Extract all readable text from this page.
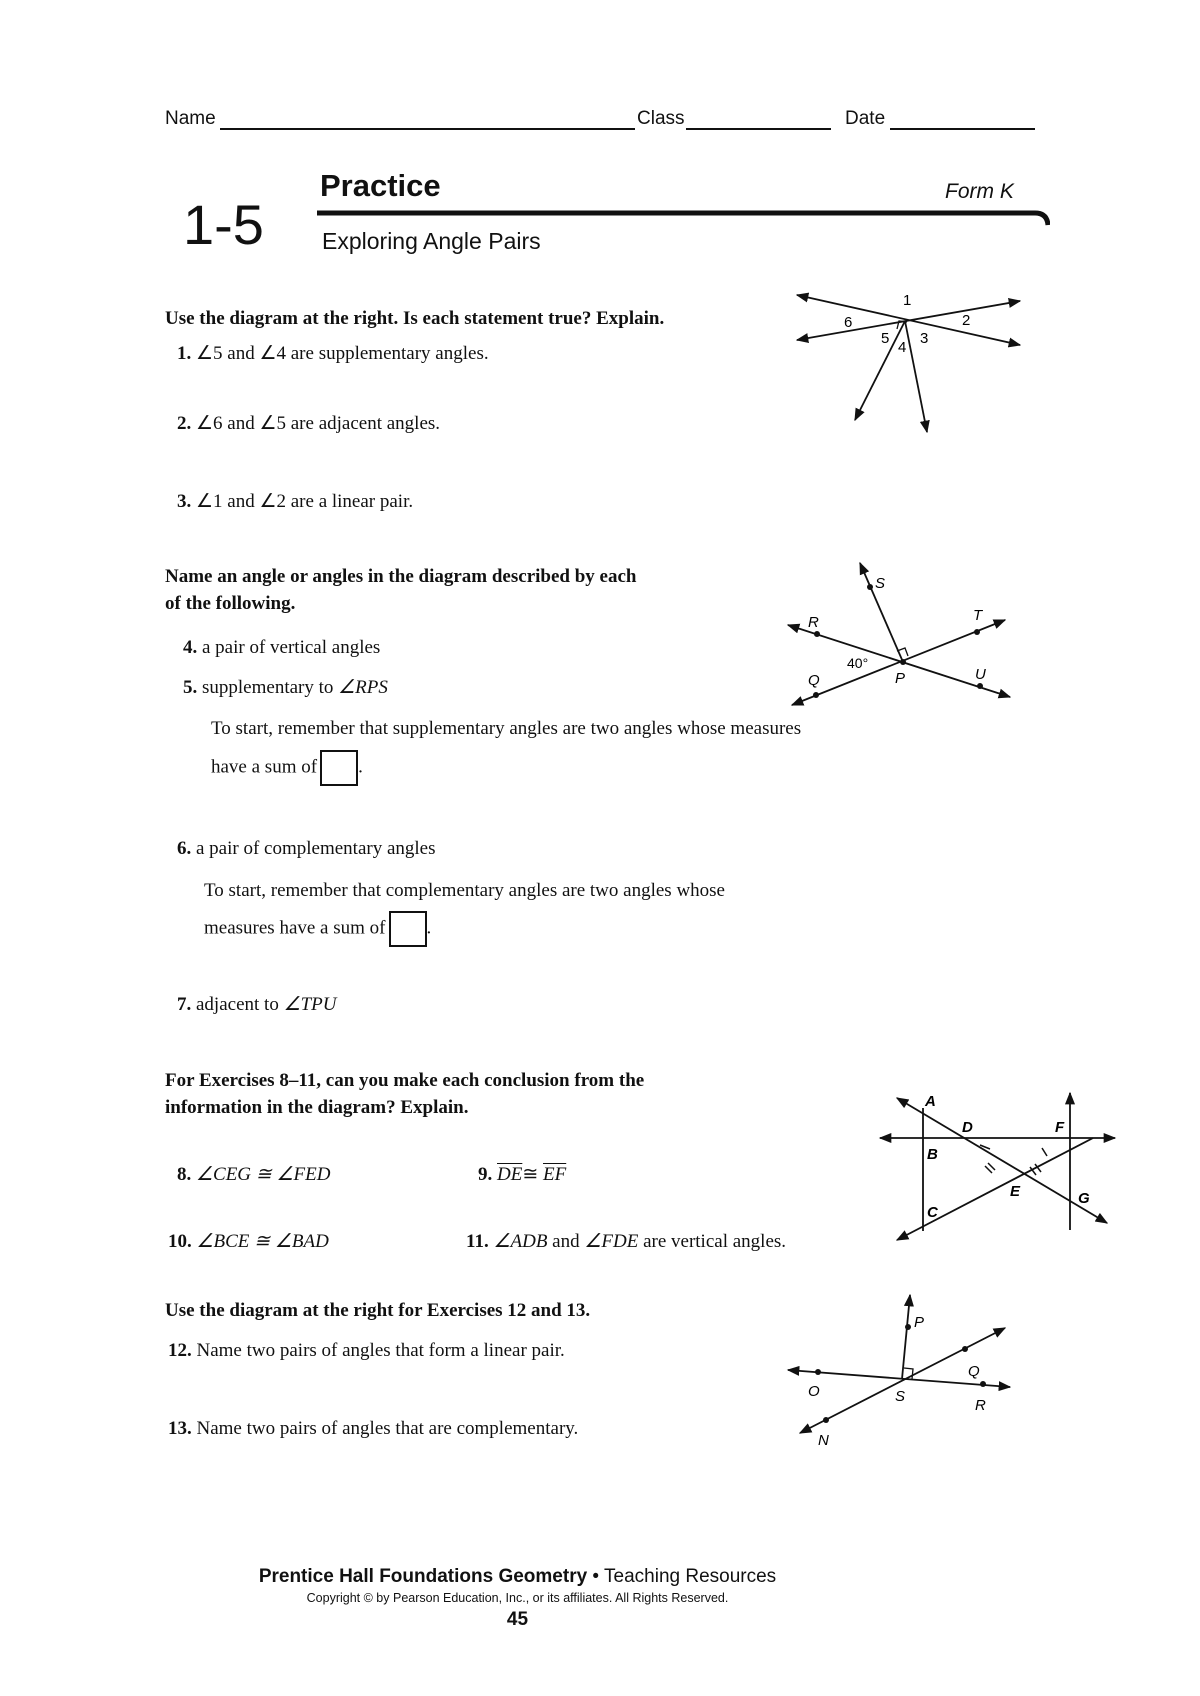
Name	Class	Date
1-5
Practice	Form K
Exploring Angle Pairs
Use the diagram at the right. Is each statement true? Explain.
1. ∠5 and ∠4 are supplementary angles.
2. ∠6 and ∠5 are adjacent angles.
3. ∠1 and ∠2 are a linear pair.
1
2
3
4
5
6
Name an angle or angles in the diagram described by each
of the following.
4. a pair of vertical angles
5. supplementary to ∠RPS
To start, remember that supplementary angles are two angles whose measures
have a sum of .
6. a pair of complementary angles
To start, remember that complementary angles are two angles whose
measures have a sum of .
7. adjacent to ∠TPU
S
R	T
Q	P	U
40°
For Exercises 8–11, can you make each conclusion from the
information in the diagram? Explain.
8. ∠CEG ≅ ∠FED	9. $\overline{DE}≅$ $\overline{EF}$
10. ∠BCE ≅ ∠BAD	11. ∠ADB and ∠FDE are vertical angles.
A
B
C
D
E
F
G
Use the diagram at the right for Exercises 12 and 13.
12. Name two pairs of angles that form a linear pair.
13. Name two pairs of angles that are complementary.
P
Q
O	S
R
N
Prentice Hall Foundations Geometry • Teaching Resources
Copyright © by Pearson Education, Inc., or its affiliates. All Rights Reserved.
45
